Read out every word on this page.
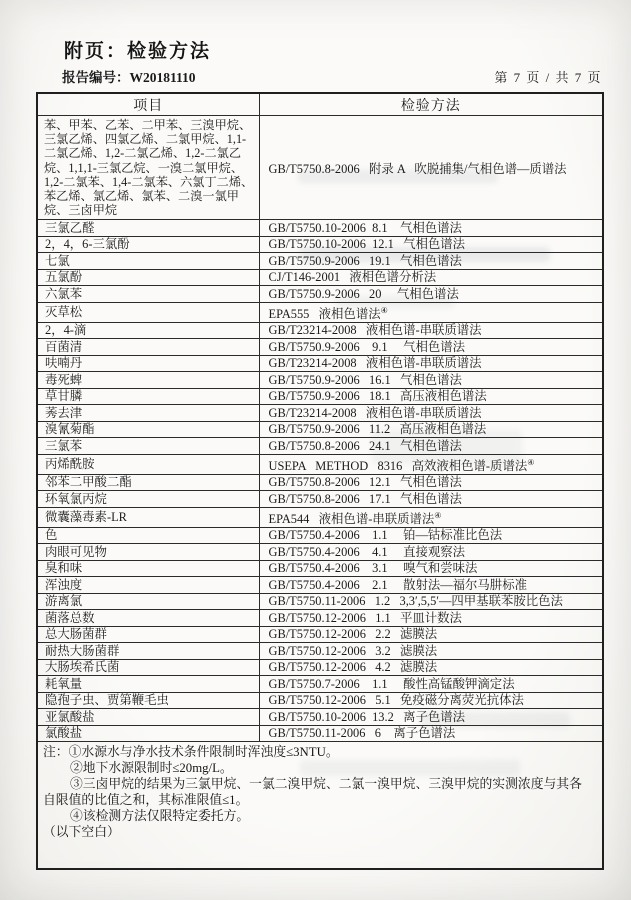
附页：检验方法
报告编号：W20181110	第 7 页 / 共 7 页
项目	检验方法
苯、甲苯、乙苯、二甲苯、三溴甲烷、三氯乙烯、四氯乙烯、二氯甲烷、1,1-二氯乙烯、1,2-二氯乙烯、1,2-二氯乙烷、1,1,1-三氯乙烷、一溴二氯甲烷、1,2-二氯苯、1,4-二氯苯、六氯丁二烯、苯乙烯、氯乙烯、氯苯、二溴一氯甲烷、三卤甲烷	GB/T5750.8-2006   附录 A   吹脱捕集/气相色谱—质谱法
三氯乙醛	GB/T5750.10-2006  8.1    气相色谱法
2，4，6-三氯酚	GB/T5750.10-2006  12.1   气相色谱法
七氯	GB/T5750.9-2006   19.1   气相色谱法
五氯酚	CJ/T146-2001   液相色谱分析法
六氯苯	GB/T5750.9-2006   20     气相色谱法
灭草松	EPA555   液相色谱法④
2，4-滴	GB/T23214-2008   液相色谱-串联质谱法
百菌清	GB/T5750.9-2006    9.1     气相色谱法
呋喃丹	GB/T23214-2008   液相色谱-串联质谱法
毒死蜱	GB/T5750.9-2006   16.1   气相色谱法
草甘膦	GB/T5750.9-2006   18.1   高压液相色谱法
莠去津	GB/T23214-2008   液相色谱-串联质谱法
溴氰菊酯	GB/T5750.9-2006   11.2   高压液相色谱法
三氯苯	GB/T5750.8-2006   24.1   气相色谱法
丙烯酰胺	USEPA   METHOD   8316   高效液相色谱-质谱法④
邻苯二甲酸二酯	GB/T5750.8-2006   12.1   气相色谱法
环氧氯丙烷	GB/T5750.8-2006   17.1   气相色谱法
微囊藻毒素-LR	EPA544   液相色谱-串联质谱法④
色	GB/T5750.4-2006    1.1     铂—钴标准比色法
肉眼可见物	GB/T5750.4-2006    4.1     直接观察法
臭和味	GB/T5750.4-2006    3.1     嗅气和尝味法
浑浊度	GB/T5750.4-2006    2.1     散射法—福尔马肼标准
游离氯	GB/T5750.11-2006   1.2   3,3′,5,5′—四甲基联苯胺比色法
菌落总数	GB/T5750.12-2006   1.1   平皿计数法
总大肠菌群	GB/T5750.12-2006   2.2   滤膜法
耐热大肠菌群	GB/T5750.12-2006   3.2   滤膜法
大肠埃希氏菌	GB/T5750.12-2006   4.2   滤膜法
耗氧量	GB/T5750.7-2006    1.1     酸性高锰酸钾滴定法
隐孢子虫、贾第鞭毛虫	GB/T5750.12-2006   5.1   免疫磁分离荧光抗体法
亚氯酸盐	GB/T5750.10-2006  13.2   离子色谱法
氯酸盐	GB/T5750.11-2006   6    离子色谱法

注：①水源水与净水技术条件限制时浑浊度≤3NTU。
②地下水源限制时≤20mg/L。
③三卤甲烷的结果为三氯甲烷、一氯二溴甲烷、二氯一溴甲烷、三溴甲烷的实测浓度与其各自限值的比值之和，其标准限值≤1。
④该检测方法仅限特定委托方。
（以下空白）	
